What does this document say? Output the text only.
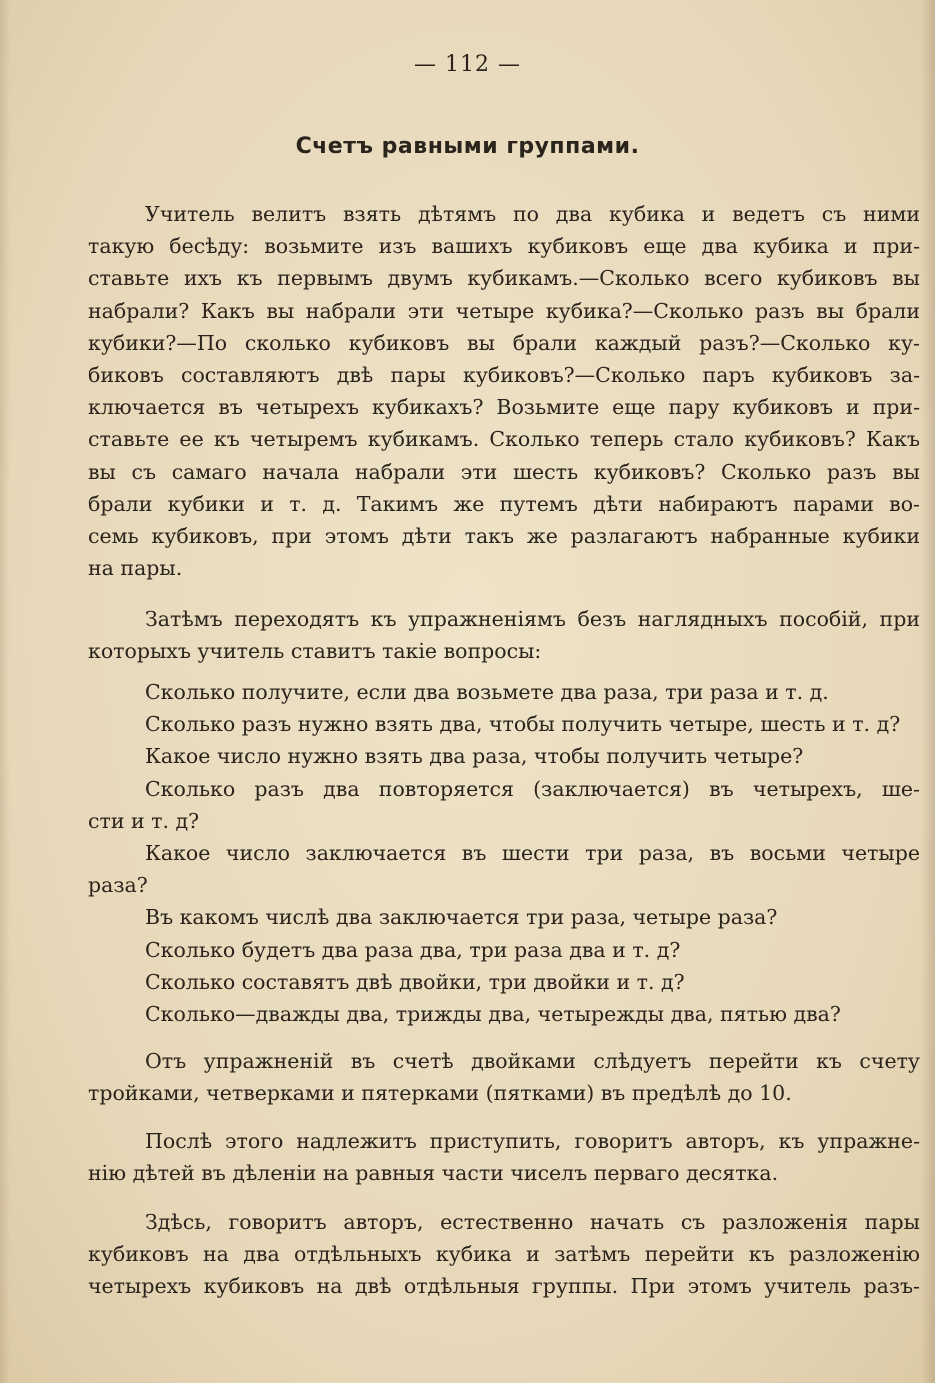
— 112 —
Счетъ равными группами.
Учитель велитъ взять дѣтямъ по два кубика и ведетъ съ ними
такую бесѣду: возьмите изъ вашихъ кубиковъ еще два кубика и при-
ставьте ихъ къ первымъ двумъ кубикамъ.—Сколько всего кубиковъ вы
набрали? Какъ вы набрали эти четыре кубика?—Сколько разъ вы брали
кубики?—По сколько кубиковъ вы брали каждый разъ?—Сколько ку-
биковъ составляютъ двѣ пары кубиковъ?—Сколько паръ кубиковъ за-
ключается въ четырехъ кубикахъ? Возьмите еще пару кубиковъ и при-
ставьте ее къ четыремъ кубикамъ. Сколько теперь стало кубиковъ? Какъ
вы съ самаго начала набрали эти шесть кубиковъ? Сколько разъ вы
брали кубики и т. д. Такимъ же путемъ дѣти набираютъ парами во-
семь кубиковъ, при этомъ дѣти такъ же разлагаютъ набранные кубики
на пары.
Затѣмъ переходятъ къ упражненіямъ безъ наглядныхъ пособій, при
которыхъ учитель ставитъ такіе вопросы:
Сколько получите, если два возьмете два раза, три раза и т. д.
Сколько разъ нужно взять два, чтобы получить четыре, шесть и т. д?
Какое число нужно взять два раза, чтобы получить четыре?
Сколько разъ два повторяется (заключается) въ четырехъ, ше-
сти и т. д?
Какое число заключается въ шести три раза, въ восьми четыре
раза?
Въ какомъ числѣ два заключается три раза, четыре раза?
Сколько будетъ два раза два, три раза два и т. д?
Сколько составятъ двѣ двойки, три двойки и т. д?
Сколько—дважды два, трижды два, четырежды два, пятью два?
Отъ упражненій въ счетѣ двойками слѣдуетъ перейти къ счету
тройками, четверками и пятерками (пятками) въ предѣлѣ до 10.
Послѣ этого надлежитъ приступить, говоритъ авторъ, къ упражне-
нію дѣтей въ дѣленіи на равныя части чиселъ перваго десятка.
Здѣсь, говоритъ авторъ, естественно начать съ разложенія пары
кубиковъ на два отдѣльныхъ кубика и затѣмъ перейти къ разложенію
четырехъ кубиковъ на двѣ отдѣльныя группы. При этомъ учитель разъ-
